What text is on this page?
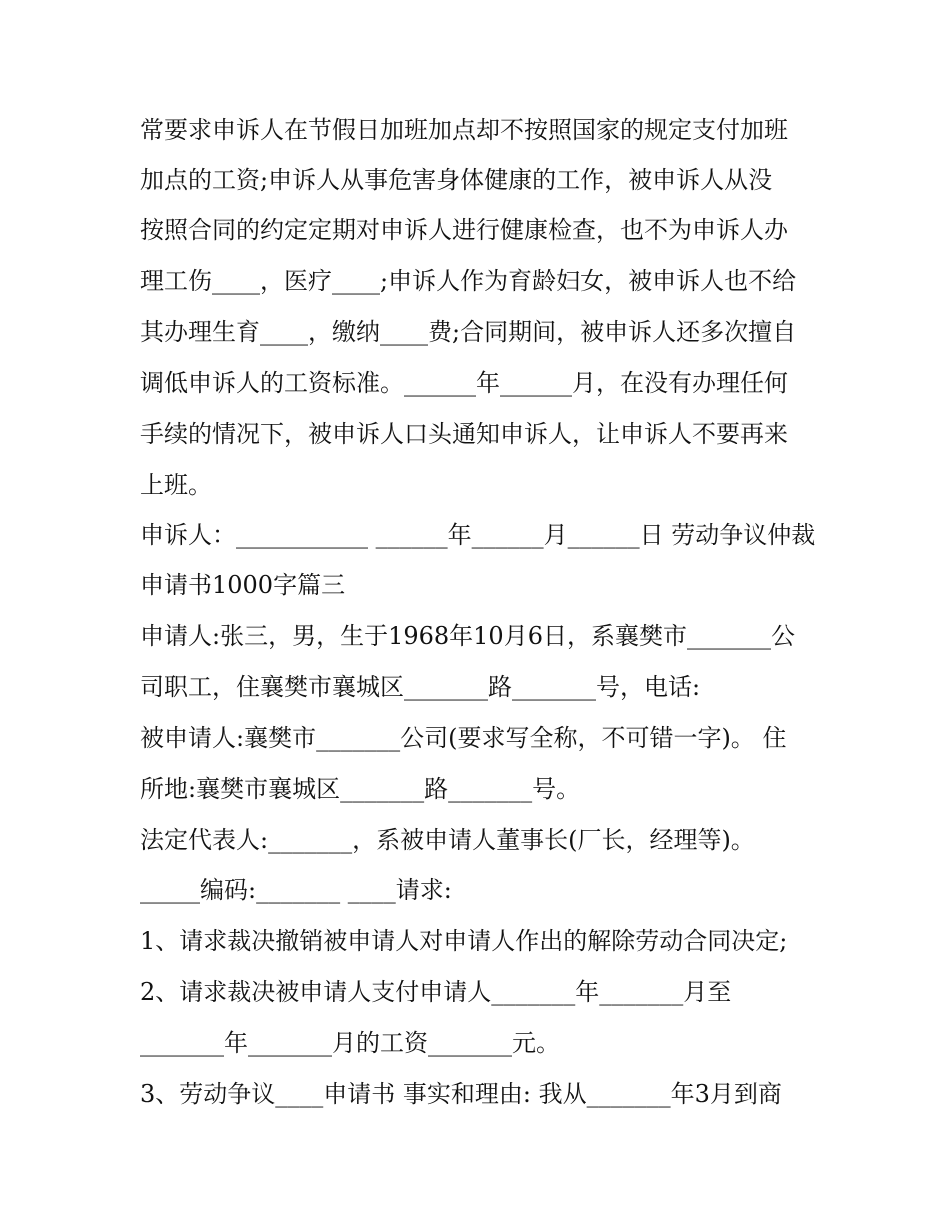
常要求申诉人在节假日加班加点却不按照国家的规定支付加班
加点的工资;申诉人从事危害身体健康的工作，被申诉人从没
按照合同的约定定期对申诉人进行健康检查，也不为申诉人办
理工伤____，医疗____;申诉人作为育龄妇女，被申诉人也不给
其办理生育____，缴纳____费;合同期间，被申诉人还多次擅自
调低申诉人的工资标准。______年______月，在没有办理任何
手续的情况下，被申诉人口头通知申诉人，让申诉人不要再来
上班。
申诉人：___________ ______年______月______日 劳动争议仲裁
申请书1000字篇三
申请人:张三，男，生于1968年10月6日，系襄樊市_______公
司职工，住襄樊市襄城区_______路_______号，电话:
被申请人:襄樊市_______公司(要求写全称，不可错一字)。 住
所地:襄樊市襄城区_______路_______号。
法定代表人:_______，系被申请人董事长(厂长，经理等)。
_____编码:_______ ____请求:
1、请求裁决撤销被申请人对申请人作出的解除劳动合同决定;
2、请求裁决被申请人支付申请人_______年_______月至
_______年_______月的工资_______元。
3、劳动争议____申请书 事实和理由: 我从_______年3月到商
